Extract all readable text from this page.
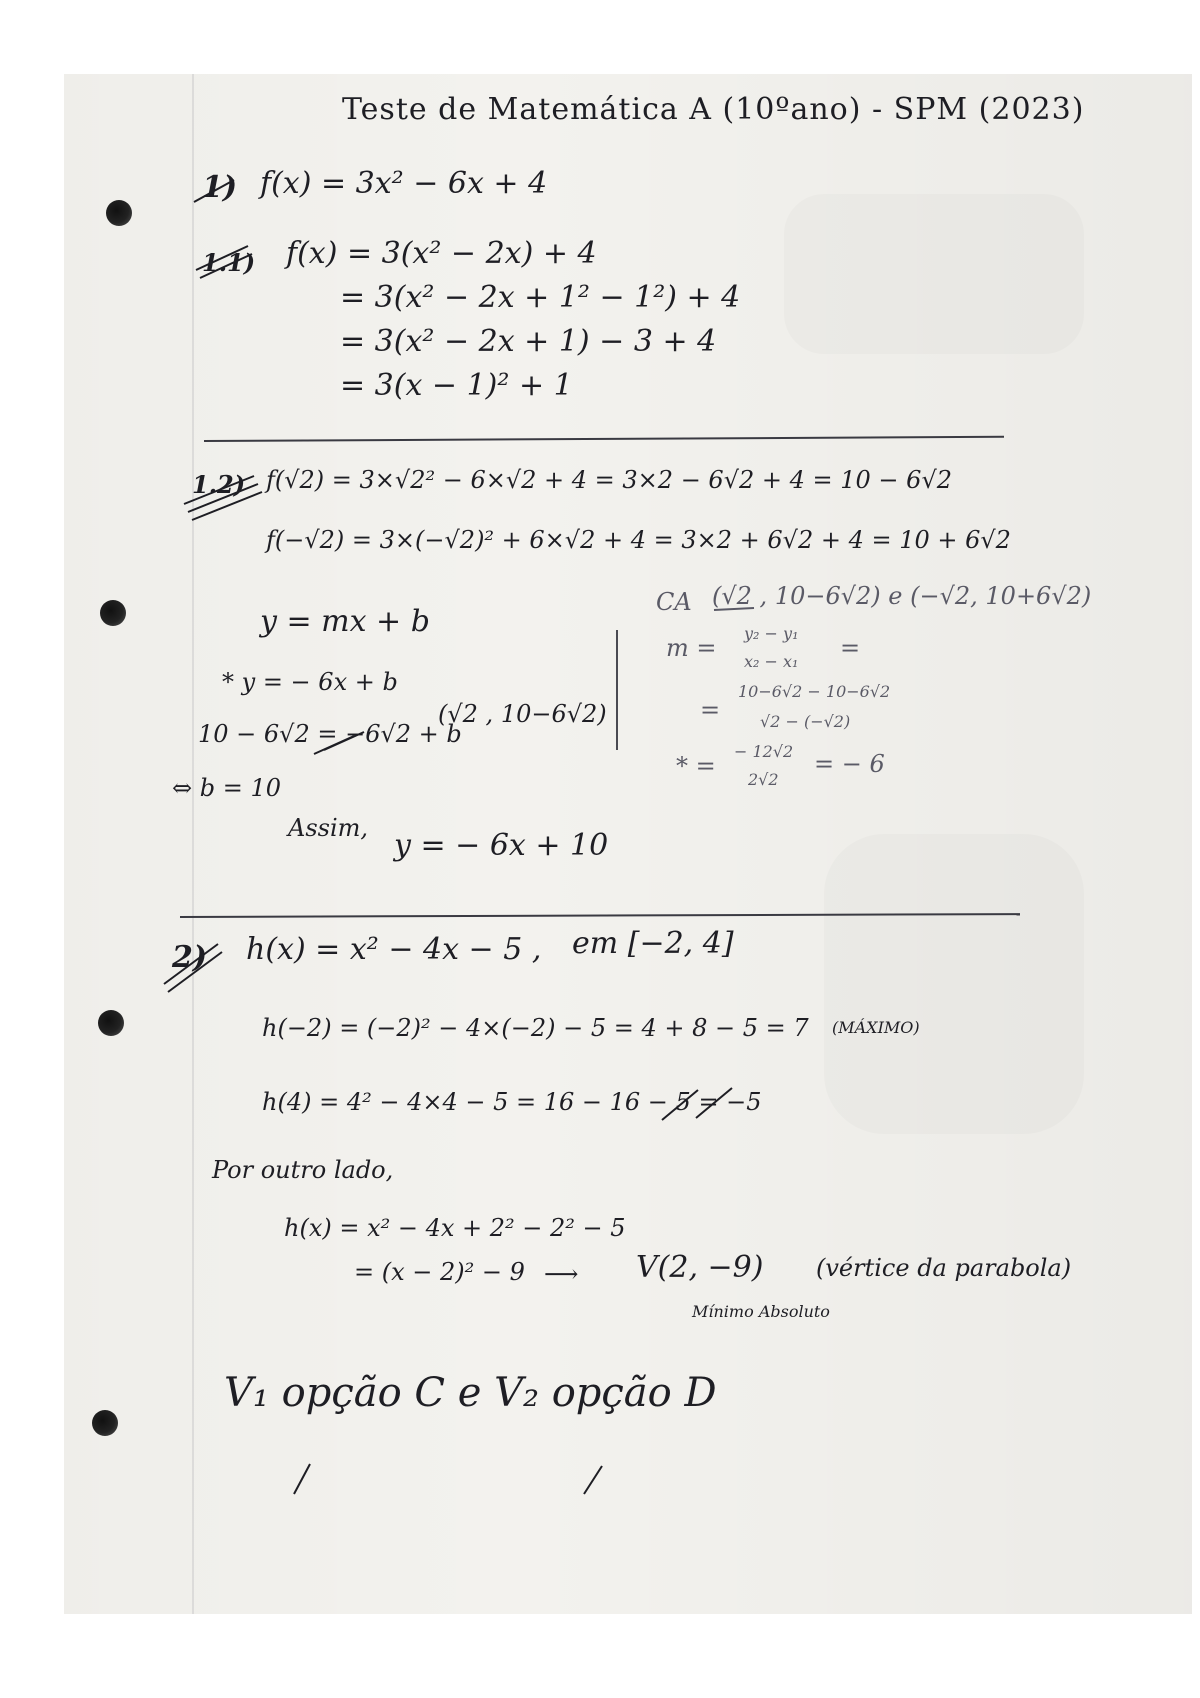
Teste de Matemática A (10ºano) - SPM (2023)
1) f(x) = 3x² − 6x + 4
1.1) f(x) = 3(x² − 2x) + 4
= 3(x² − 2x + 1² − 1²) + 4
= 3(x² − 2x + 1) − 3 + 4
= 3(x − 1)² + 1
1.2) f(√2) = 3×√2² − 6×√2 + 4 = 3×2 − 6√2 + 4 = 10 − 6√2
f(−√2) = 3×(−√2)² + 6×√2 + 4 = 3×2 + 6√2 + 4 = 10 + 6√2
CA (√2 , 10−6√2) e (−√2, 10+6√2)
m =
y₂ − y₁
x₂ − x₁ =
=
10−6√2 − 10−6√2
√2 − (−√2)
* =
− 12√2
2√2
= − 6
y = mx + b
* y = − 6x + b
10 − 6√2 = −6√2 + b
(√2 , 10−6√2)
⇔ b = 10
Assim, y = − 6x + 10
2) h(x) = x² − 4x − 5 , em [−2, 4]
h(−2) = (−2)² − 4×(−2) − 5 = 4 + 8 − 5 = 7 (MÁXIMO)
h(4) = 4² − 4×4 − 5 = 16 − 16 − 5 = −5
Por outro lado,
h(x) = x² − 4x + 2² − 2² − 5
= (x − 2)² − 9 ⟶ V(2, −9) (vértice da parabola)
Mínimo Absoluto
V₁ opção C e V₂ opção D
